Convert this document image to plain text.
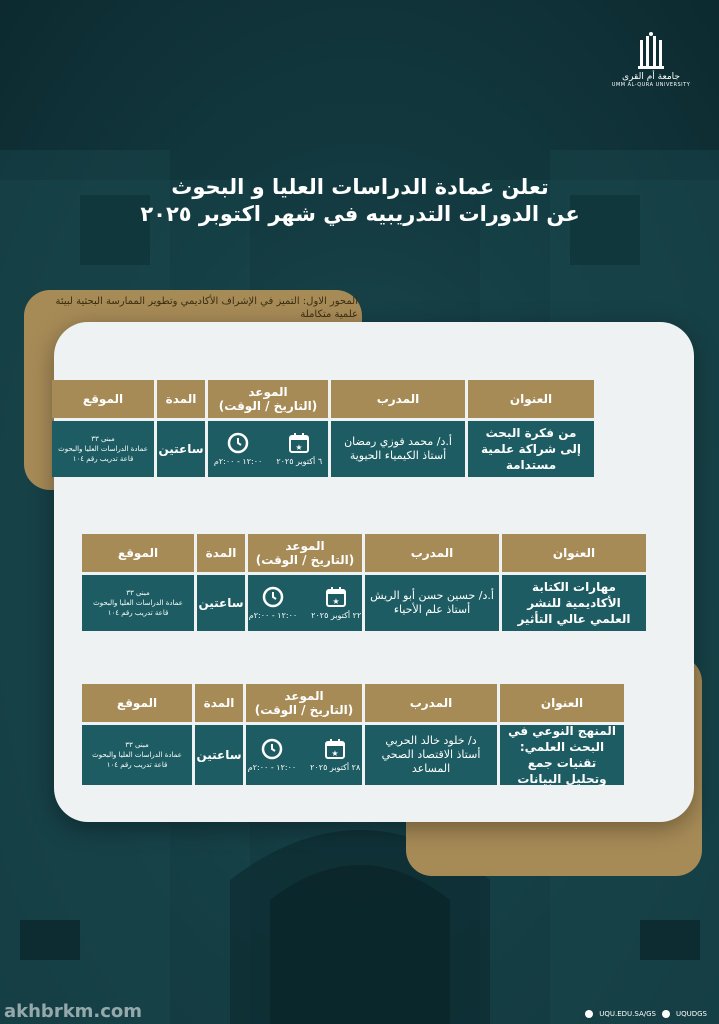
جامعة أم القرى
UMM AL-QURA UNIVERSITY
تعلن عمادة الدراسات العليا و البحوث
عن الدورات التدريبيه في شهر اكتوبر ٢٠٢٥
المحور الاول: التميز في الإشراف الأكاديمي وتطوير الممارسة البحثية لبيئة علمية متكاملة
العنوان
المدرب
الموعد
(التاريخ / الوقت)
المدة
الموقع
من فكرة البحث إلى شراكة علمية مستدامة
أ.د/ محمد فوزي رمضان
أستاذ الكيمياء الحيوية
★
٦ أكتوبر ٢٠٢٥
١٢:٠٠ - ٢:٠٠م
ساعتين
مبنى ٣٣
عمادة الدراسات العليا والبحوث
قاعة تدريب رقم ١٠٤
العنوان
المدرب
الموعد
(التاريخ / الوقت)
المدة
الموقع
مهارات الكتابة الأكاديمية للنشر العلمي عالي التأثير
أ.د/ حسين حسن أبو الريش
أستاذ علم الأحياء
★
٢٢ أكتوبر ٢٠٢٥
١٢:٠٠ - ٢:٠٠م
ساعتين
مبنى ٣٣
عمادة الدراسات العليا والبحوث
قاعة تدريب رقم ١٠٤
العنوان
المدرب
الموعد
(التاريخ / الوقت)
المدة
الموقع
المنهج النوعي في البحث العلمي: تقنيات جمع وتحليل البيانات
د/ خلود خالد الحربي
أستاذ الاقتصاد الصحي المساعد
★
٢٨ أكتوبر ٢٠٢٥
١٢:٠٠ - ٢:٠٠م
ساعتين
مبنى ٣٣
عمادة الدراسات العليا والبحوث
قاعة تدريب رقم ١٠٤
UQU.EDU.SA/GS	UQUDGS
akhbrkm.com
